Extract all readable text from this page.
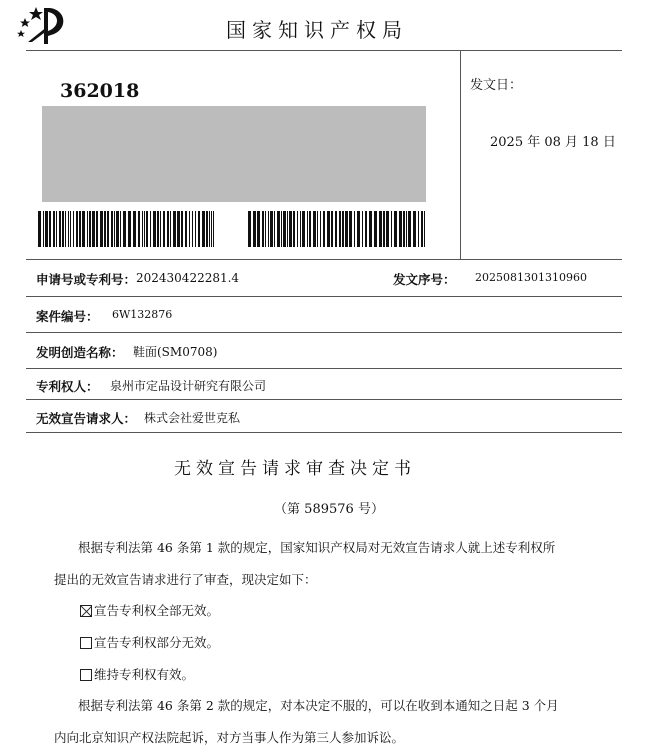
国家知识产权局
362018	发文日：
2025 年 08 月 18 日
申请号或专利号： 202430422281.4	发文序号： 2025081301310960
案件编号： 6W132876
发明创造名称： 鞋面(SM0708)
专利权人： 泉州市定品设计研究有限公司
无效宣告请求人： 株式会社爱世克私
无效宣告请求审查决定书
（第 589576 号）
根据专利法第 46 条第 1 款的规定，国家知识产权局对无效宣告请求人就上述专利权所
提出的无效宣告请求进行了审查，现决定如下：
宣告专利权全部无效。
宣告专利权部分无效。
维持专利权有效。
根据专利法第 46 条第 2 款的规定，对本决定不服的，可以在收到本通知之日起 3 个月
内向北京知识产权法院起诉，对方当事人作为第三人参加诉讼。
